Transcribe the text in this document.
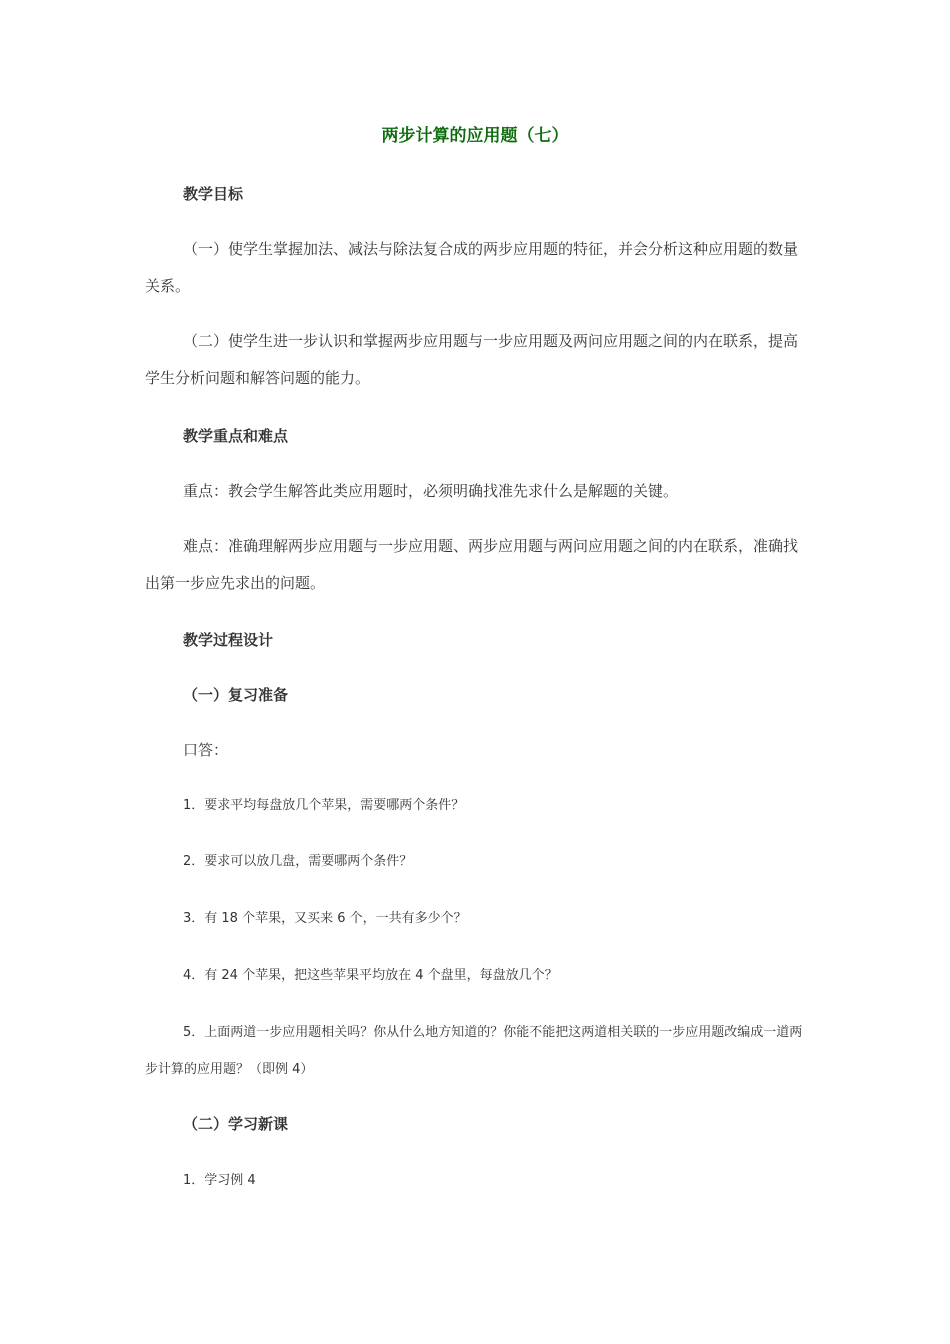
两步计算的应用题（七）

教学目标

（一）使学生掌握加法、减法与除法复合成的两步应用题的特征，并会分析这种应用题的数量关系。

（二）使学生进一步认识和掌握两步应用题与一步应用题及两问应用题之间的内在联系，提高学生分析问题和解答问题的能力。

教学重点和难点

重点：教会学生解答此类应用题时，必须明确找准先求什么是解题的关键。

难点：准确理解两步应用题与一步应用题、两步应用题与两问应用题之间的内在联系，准确找出第一步应先求出的问题。

教学过程设计

（一）复习准备

口答：

1．要求平均每盘放几个苹果，需要哪两个条件？

2．要求可以放几盘，需要哪两个条件？

3．有 18 个苹果，又买来 6 个，一共有多少个？

4．有 24 个苹果，把这些苹果平均放在 4 个盘里，每盘放几个？

5．上面两道一步应用题相关吗？你从什么地方知道的？你能不能把这两道相关联的一步应用题改编成一道两步计算的应用题？（即例 4）

（二）学习新课

1．学习例 4
